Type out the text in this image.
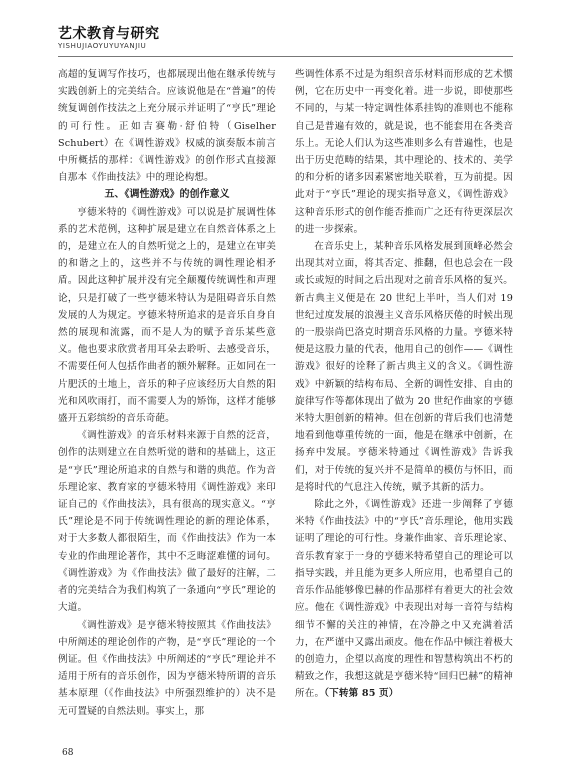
艺术教育与研究
YISHUJIAOYUYUYANJIU

高超的复调写作技巧，也都展现出他在继承传统与实践创新上的完美结合。应该说他是在“普遍”的传统复调创作技法之上充分展示并证明了“亨氏”理论的可行性。正如吉赛勒·舒伯特（Giselher Schubert）在《调性游戏》权威的演奏版本前言中所概括的那样：《调性游戏》的创作形式直接源自那本《作曲技法》中的理论构想。

五、《调性游戏》的创作意义

亨德米特的《调性游戏》可以说是扩展调性体系的艺术范例，这种扩展是建立在自然音体系之上的，是建立在人的自然听觉之上的，是建立在审美的和谐之上的，这些并不与传统的调性理论相矛盾。因此这种扩展并没有完全颠覆传统调性和声理论，只是打破了一些亨德米特认为是阻碍音乐自然发展的人为规定。亨德米特所追求的是音乐自身自然的展现和流露，而不是人为的赋予音乐某些意义。他也要求欣赏者用耳朵去聆听、去感受音乐，不需要任何人包括作曲者的额外解释。正如同在一片肥沃的土地上，音乐的种子应该经历大自然的阳光和风吹雨打，而不需要人为的矫饰，这样才能够盛开五彩缤纷的音乐奇葩。

《调性游戏》的音乐材料来源于自然的泛音，创作的法则建立在自然听觉的谐和的基础上，这正是“亨氏”理论所追求的自然与和谐的典范。作为音乐理论家、教育家的亨德米特用《调性游戏》来印证自己的《作曲技法》，具有很高的现实意义。“亨氏”理论是不同于传统调性理论的新的理论体系，对于大多数人都很陌生，而《作曲技法》作为一本专业的作曲理论著作，其中不乏晦涩难懂的词句。《调性游戏》为《作曲技法》做了最好的注解，二者的完美结合为我们构筑了一条通向“亨氏”理论的大道。

《调性游戏》是亨德米特按照其《作曲技法》中所阐述的理论创作的产物，是“亨氏”理论的一个例证。但《作曲技法》中所阐述的“亨氏”理论并不适用于所有的音乐创作，因为亨德米特所谓的音乐基本原理（《作曲技法》中所强烈维护的）决不是无可置疑的自然法则。事实上，那

些调性体系不过是为组织音乐材料而形成的艺术惯例，它在历史中一再变化着。进一步说，即使那些不同的，与某一特定调性体系挂钩的准则也不能称自己是普遍有效的，就是说，也不能套用在各类音乐上。无论人们认为这些准则多么有普遍性，也是出于历史范畴的结果，其中理论的、技术的、美学的和分析的诸多因素紧密地关联着，互为前提。因此对于“亨氏”理论的现实指导意义，《调性游戏》这种音乐形式的创作能否推而广之还有待更深层次的进一步探索。

在音乐史上，某种音乐风格发展到顶峰必然会出现其对立面，将其否定、推翻，但也总会在一段或长或短的时间之后出现对之前音乐风格的复兴。新古典主义便是在 20 世纪上半叶，当人们对 19 世纪过度发展的浪漫主义音乐风格厌倦的时候出现的一股崇尚巴洛克时期音乐风格的力量。亨德米特便是这股力量的代表，他用自己的创作——《调性游戏》很好的诠释了新古典主义的含义。《调性游戏》中新颖的结构布局、全新的调性安排、自由的旋律写作等都体现出了做为 20 世纪作曲家的亨德米特大胆创新的精神。但在创新的背后我们也清楚地看到他尊重传统的一面，他是在继承中创新，在扬弃中发展。亨德米特通过《调性游戏》告诉我们，对于传统的复兴并不是简单的模仿与怀旧，而是将时代的气息注入传统，赋予其新的活力。

除此之外，《调性游戏》还进一步阐释了亨德米特《作曲技法》中的“亨氏”音乐理论，他用实践证明了理论的可行性。身兼作曲家、音乐理论家、音乐教育家于一身的亨德米特希望自己的理论可以指导实践，并且能为更多人所应用，也希望自己的音乐作品能够像巴赫的作品那样有着更大的社会效应。他在《调性游戏》中表现出对每一音符与结构细节不懈的关注的神情，在冷静之中又充满着活力，在严谨中又露出顽皮。他在作品中倾注着极大的创造力，企望以高度的理性和智慧构筑出不朽的精致之作，我想这就是亨德米特“回归巴赫”的精神所在。（下转第 85 页）

68
